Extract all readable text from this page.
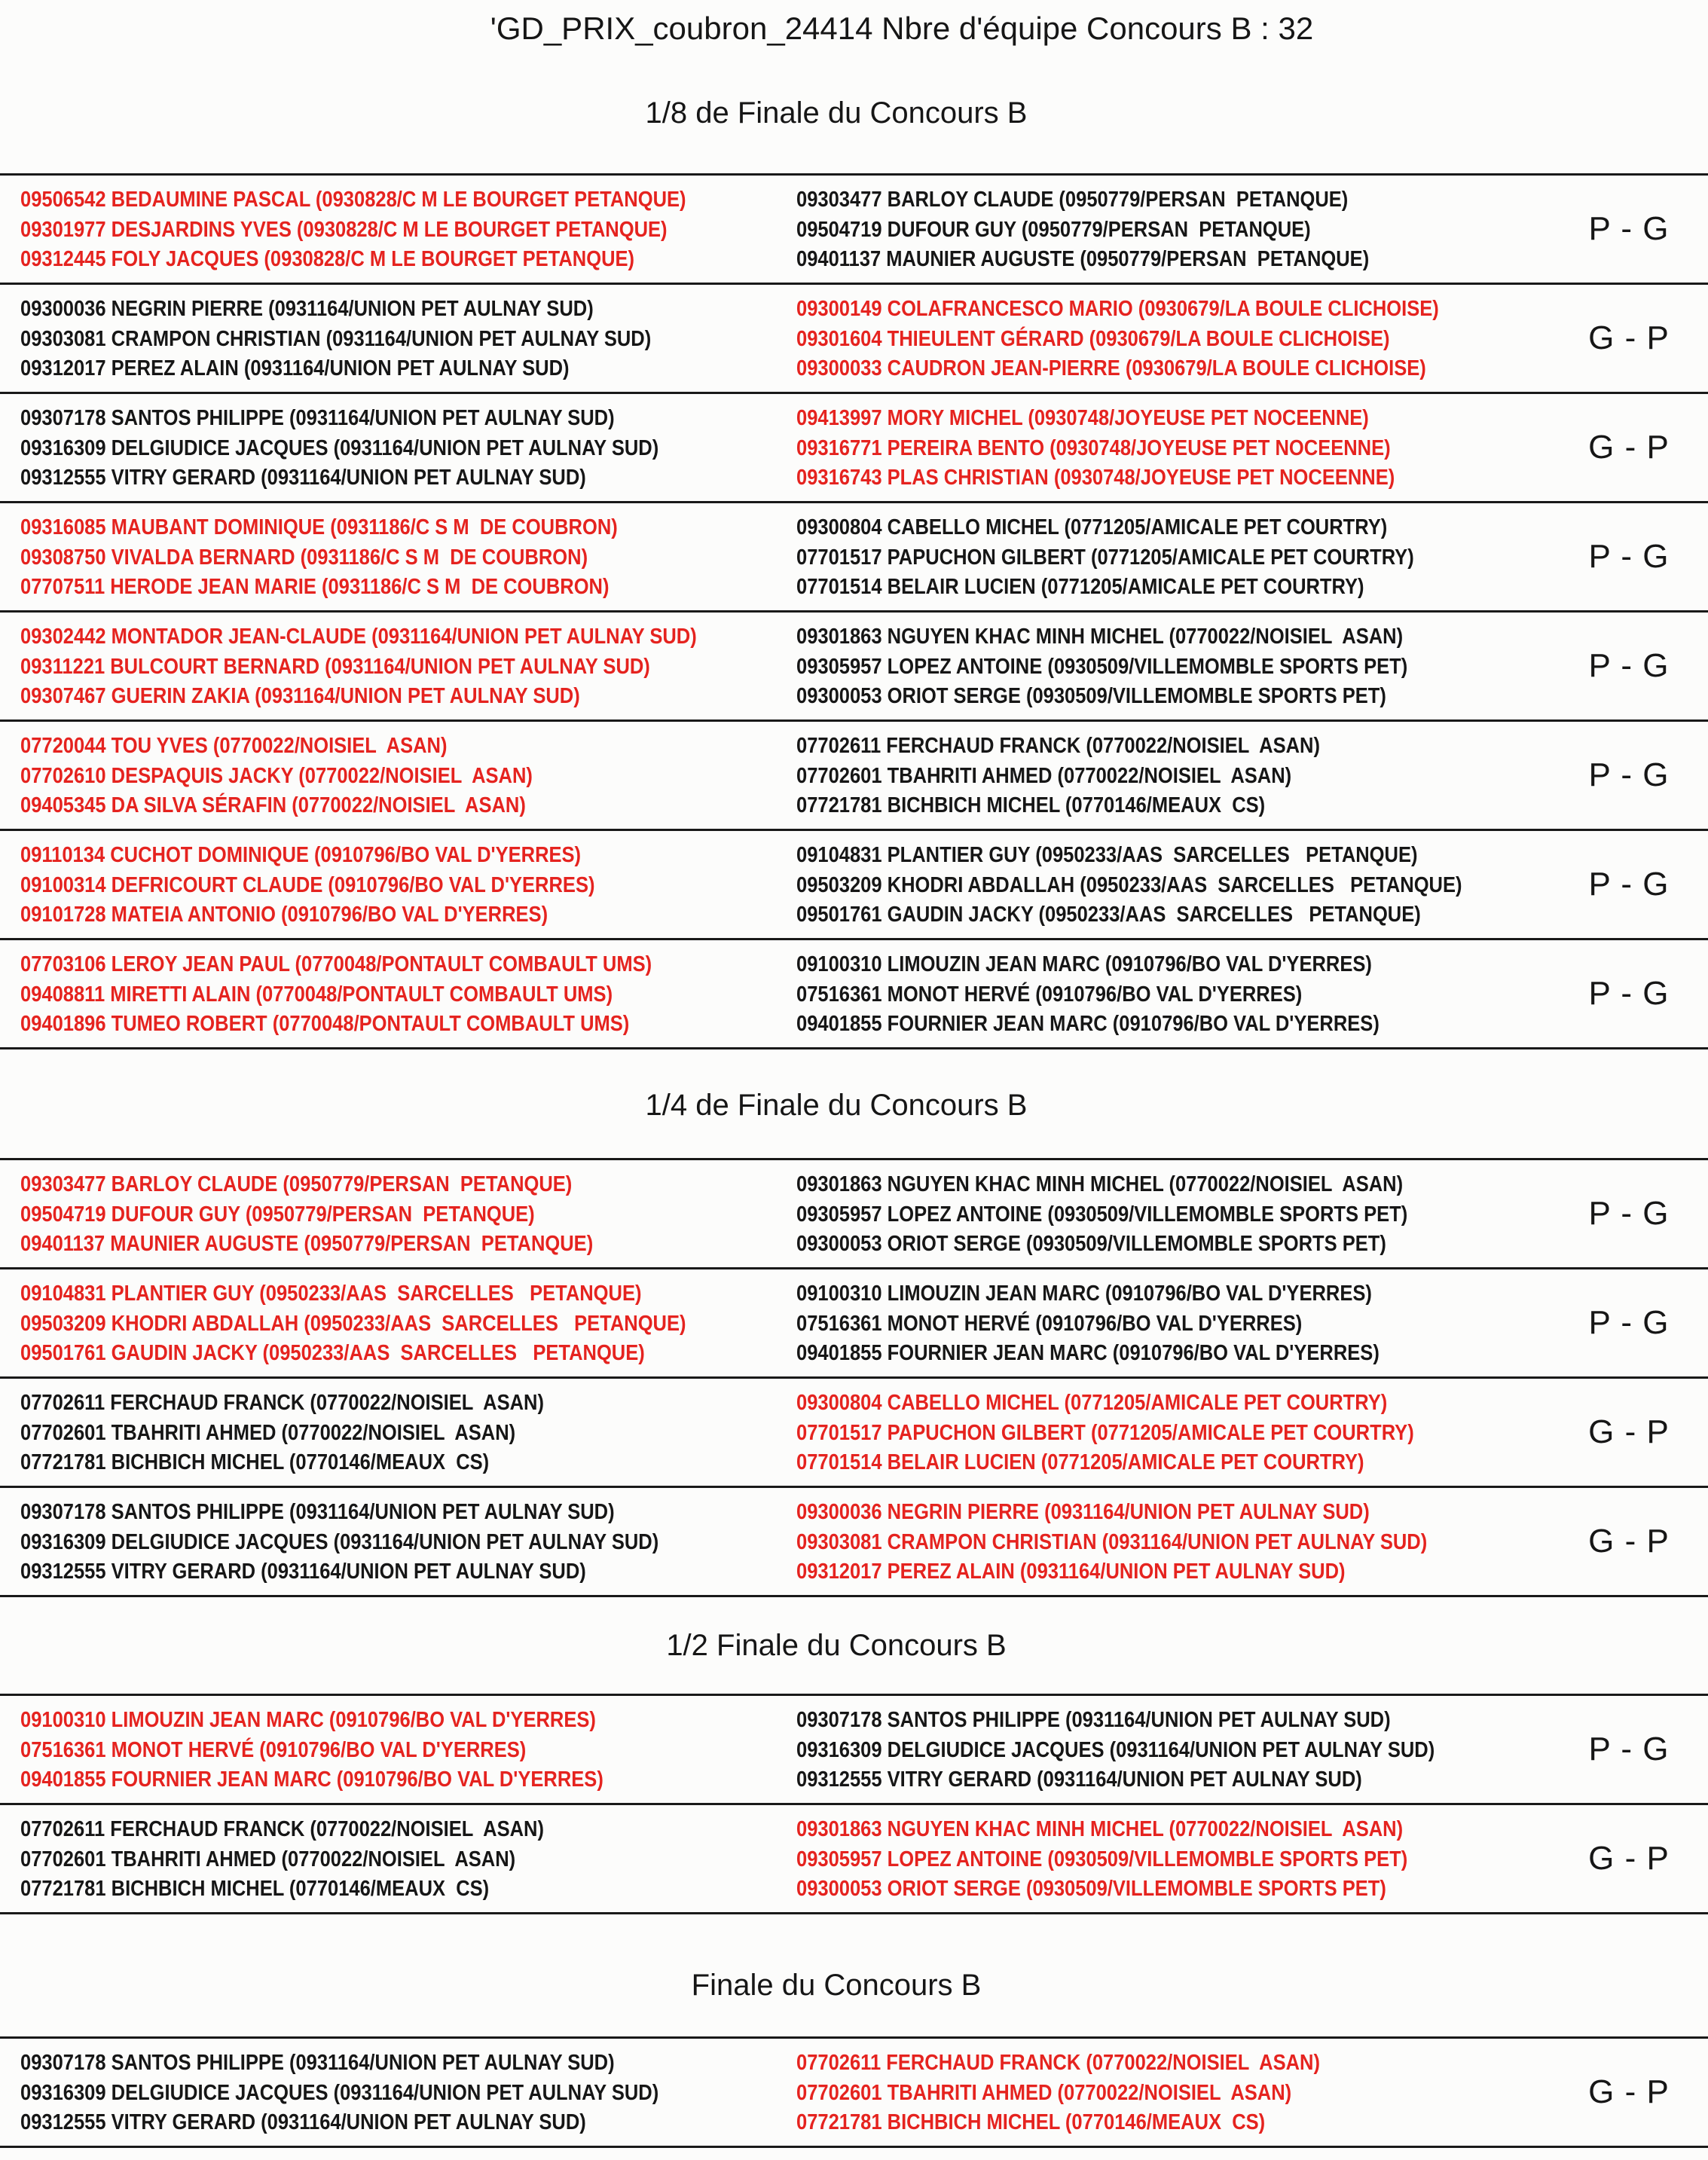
'GD_PRIX_coubron_24414 Nbre d'équipe Concours B : 32
1/8 de Finale du Concours B
09506542 BEDAUMINE PASCAL (0930828/C M LE BOURGET PETANQUE)
09301977 DESJARDINS YVES (0930828/C M LE BOURGET PETANQUE)
09312445 FOLY JACQUES (0930828/C M LE BOURGET PETANQUE)
09303477 BARLOY CLAUDE (0950779/PERSAN  PETANQUE)
09504719 DUFOUR GUY (0950779/PERSAN  PETANQUE)
09401137 MAUNIER AUGUSTE (0950779/PERSAN  PETANQUE)
P - G
09300036 NEGRIN PIERRE (0931164/UNION PET AULNAY SUD)
09303081 CRAMPON CHRISTIAN (0931164/UNION PET AULNAY SUD)
09312017 PEREZ ALAIN (0931164/UNION PET AULNAY SUD)
09300149 COLAFRANCESCO MARIO (0930679/LA BOULE CLICHOISE)
09301604 THIEULENT GÉRARD (0930679/LA BOULE CLICHOISE)
09300033 CAUDRON JEAN-PIERRE (0930679/LA BOULE CLICHOISE)
G - P
09307178 SANTOS PHILIPPE (0931164/UNION PET AULNAY SUD)
09316309 DELGIUDICE JACQUES (0931164/UNION PET AULNAY SUD)
09312555 VITRY GERARD (0931164/UNION PET AULNAY SUD)
09413997 MORY MICHEL (0930748/JOYEUSE PET NOCEENNE)
09316771 PEREIRA BENTO (0930748/JOYEUSE PET NOCEENNE)
09316743 PLAS CHRISTIAN (0930748/JOYEUSE PET NOCEENNE)
G - P
09316085 MAUBANT DOMINIQUE (0931186/C S M  DE COUBRON)
09308750 VIVALDA BERNARD (0931186/C S M  DE COUBRON)
07707511 HERODE JEAN MARIE (0931186/C S M  DE COUBRON)
09300804 CABELLO MICHEL (0771205/AMICALE PET COURTRY)
07701517 PAPUCHON GILBERT (0771205/AMICALE PET COURTRY)
07701514 BELAIR LUCIEN (0771205/AMICALE PET COURTRY)
P - G
09302442 MONTADOR JEAN-CLAUDE (0931164/UNION PET AULNAY SUD)
09311221 BULCOURT BERNARD (0931164/UNION PET AULNAY SUD)
09307467 GUERIN ZAKIA (0931164/UNION PET AULNAY SUD)
09301863 NGUYEN KHAC MINH MICHEL (0770022/NOISIEL  ASAN)
09305957 LOPEZ ANTOINE (0930509/VILLEMOMBLE SPORTS PET)
09300053 ORIOT SERGE (0930509/VILLEMOMBLE SPORTS PET)
P - G
07720044 TOU YVES (0770022/NOISIEL  ASAN)
07702610 DESPAQUIS JACKY (0770022/NOISIEL  ASAN)
09405345 DA SILVA SÉRAFIN (0770022/NOISIEL  ASAN)
07702611 FERCHAUD FRANCK (0770022/NOISIEL  ASAN)
07702601 TBAHRITI AHMED (0770022/NOISIEL  ASAN)
07721781 BICHBICH MICHEL (0770146/MEAUX  CS)
P - G
09110134 CUCHOT DOMINIQUE (0910796/BO VAL D'YERRES)
09100314 DEFRICOURT CLAUDE (0910796/BO VAL D'YERRES)
09101728 MATEIA ANTONIO (0910796/BO VAL D'YERRES)
09104831 PLANTIER GUY (0950233/AAS  SARCELLES   PETANQUE)
09503209 KHODRI ABDALLAH (0950233/AAS  SARCELLES   PETANQUE)
09501761 GAUDIN JACKY (0950233/AAS  SARCELLES   PETANQUE)
P - G
07703106 LEROY JEAN PAUL (0770048/PONTAULT COMBAULT UMS)
09408811 MIRETTI ALAIN (0770048/PONTAULT COMBAULT UMS)
09401896 TUMEO ROBERT (0770048/PONTAULT COMBAULT UMS)
09100310 LIMOUZIN JEAN MARC (0910796/BO VAL D'YERRES)
07516361 MONOT HERVÉ (0910796/BO VAL D'YERRES)
09401855 FOURNIER JEAN MARC (0910796/BO VAL D'YERRES)
P - G
1/4 de Finale du Concours B
09303477 BARLOY CLAUDE (0950779/PERSAN  PETANQUE)
09504719 DUFOUR GUY (0950779/PERSAN  PETANQUE)
09401137 MAUNIER AUGUSTE (0950779/PERSAN  PETANQUE)
09301863 NGUYEN KHAC MINH MICHEL (0770022/NOISIEL  ASAN)
09305957 LOPEZ ANTOINE (0930509/VILLEMOMBLE SPORTS PET)
09300053 ORIOT SERGE (0930509/VILLEMOMBLE SPORTS PET)
P - G
09104831 PLANTIER GUY (0950233/AAS  SARCELLES   PETANQUE)
09503209 KHODRI ABDALLAH (0950233/AAS  SARCELLES   PETANQUE)
09501761 GAUDIN JACKY (0950233/AAS  SARCELLES   PETANQUE)
09100310 LIMOUZIN JEAN MARC (0910796/BO VAL D'YERRES)
07516361 MONOT HERVÉ (0910796/BO VAL D'YERRES)
09401855 FOURNIER JEAN MARC (0910796/BO VAL D'YERRES)
P - G
07702611 FERCHAUD FRANCK (0770022/NOISIEL  ASAN)
07702601 TBAHRITI AHMED (0770022/NOISIEL  ASAN)
07721781 BICHBICH MICHEL (0770146/MEAUX  CS)
09300804 CABELLO MICHEL (0771205/AMICALE PET COURTRY)
07701517 PAPUCHON GILBERT (0771205/AMICALE PET COURTRY)
07701514 BELAIR LUCIEN (0771205/AMICALE PET COURTRY)
G - P
09307178 SANTOS PHILIPPE (0931164/UNION PET AULNAY SUD)
09316309 DELGIUDICE JACQUES (0931164/UNION PET AULNAY SUD)
09312555 VITRY GERARD (0931164/UNION PET AULNAY SUD)
09300036 NEGRIN PIERRE (0931164/UNION PET AULNAY SUD)
09303081 CRAMPON CHRISTIAN (0931164/UNION PET AULNAY SUD)
09312017 PEREZ ALAIN (0931164/UNION PET AULNAY SUD)
G - P
1/2 Finale du Concours B
09100310 LIMOUZIN JEAN MARC (0910796/BO VAL D'YERRES)
07516361 MONOT HERVÉ (0910796/BO VAL D'YERRES)
09401855 FOURNIER JEAN MARC (0910796/BO VAL D'YERRES)
09307178 SANTOS PHILIPPE (0931164/UNION PET AULNAY SUD)
09316309 DELGIUDICE JACQUES (0931164/UNION PET AULNAY SUD)
09312555 VITRY GERARD (0931164/UNION PET AULNAY SUD)
P - G
07702611 FERCHAUD FRANCK (0770022/NOISIEL  ASAN)
07702601 TBAHRITI AHMED (0770022/NOISIEL  ASAN)
07721781 BICHBICH MICHEL (0770146/MEAUX  CS)
09301863 NGUYEN KHAC MINH MICHEL (0770022/NOISIEL  ASAN)
09305957 LOPEZ ANTOINE (0930509/VILLEMOMBLE SPORTS PET)
09300053 ORIOT SERGE (0930509/VILLEMOMBLE SPORTS PET)
G - P
Finale du Concours B
09307178 SANTOS PHILIPPE (0931164/UNION PET AULNAY SUD)
09316309 DELGIUDICE JACQUES (0931164/UNION PET AULNAY SUD)
09312555 VITRY GERARD (0931164/UNION PET AULNAY SUD)
07702611 FERCHAUD FRANCK (0770022/NOISIEL  ASAN)
07702601 TBAHRITI AHMED (0770022/NOISIEL  ASAN)
07721781 BICHBICH MICHEL (0770146/MEAUX  CS)
G - P
